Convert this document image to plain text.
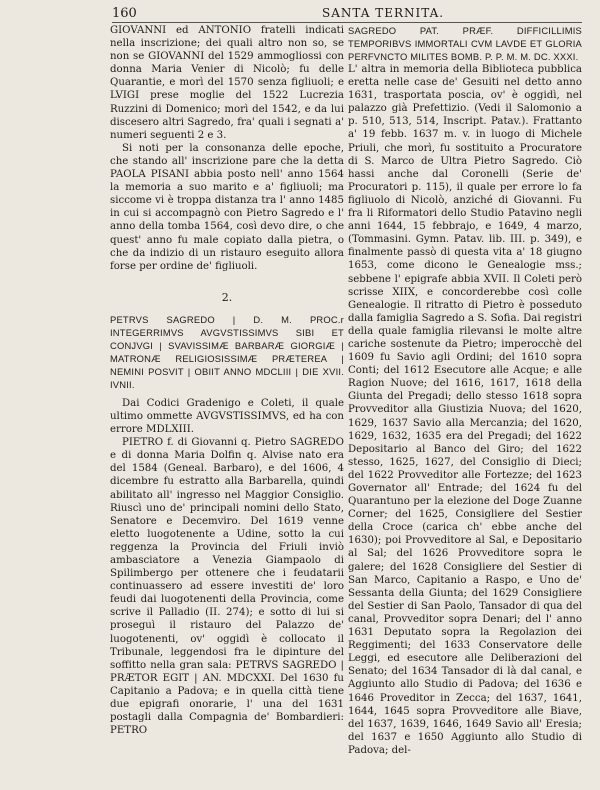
160	SANTA TERNITA.

GIOVANNI ed ANTONIO fratelli indicati nella inscrizione; dei quali altro non so, se non se GIOVANNI del 1529 ammogliossi con donna Maria Venier di Nicolò; fu delle Quarantie, e morì del 1570 senza figliuoli; e LVIGI prese moglie del 1522 Lucrezia Ruzzini di Domenico; morì del 1542, e da lui discesero altri Sagredo, fra' quali i segnati a' numeri seguenti 2 e 3.

Si noti per la consonanza delle epoche, che stando all' inscrizione pare che la detta PAOLA PISANI abbia posto nell' anno 1564 la memoria a suo marito e a' figliuoli; ma siccome vi è troppa distanza tra l' anno 1485 in cui si accompagnò con Pietro Sagredo e l' anno della tomba 1564, così devo dire, o che quest' anno fu male copiato dalla pietra, o che da indizio di un ristauro eseguito allora forse per ordine de' figliuoli.

2.

PETRVS SAGREDO | D. M. PROC.r INTEGERRIMVS AVGVSTISSIMVS SIBI ET CONJVGI | SVAVISSIMÆ BARBARÆ GIORGIÆ | MATRONÆ RELIGIOSISSIMÆ PRÆTEREA | NEMINI POSVIT | OBIIT ANNO MDCLIII | DIE XVII. IVNII.

Dai Codici Gradenigo e Coleti, il quale ultimo ommette AVGVSTISSIMVS, ed ha con errore MDLXIII.

PIETRO f. di Giovanni q. Pietro SAGREDO e di donna Maria Dolfin q. Alvise nato era del 1584 (Geneal. Barbaro), e del 1606, 4 dicembre fu estratto alla Barbarella, quindi abilitato all' ingresso nel Maggior Consiglio. Riuscì uno de' principali nomini dello Stato, Senatore e Decemviro. Del 1619 venne eletto luogotenente a Udine, sotto la cui reggenza la Provincia del Friuli inviò ambasciatore a Venezia Giampaolo di Spilimbergo per ottenere che i feudatarii continuassero ad essere investiti de' loro feudi dai luogotenenti della Provincia, come scrive il Palladio (II. 274); e sotto di lui si proseguì il ristauro del Palazzo de' luogotenenti, ov' oggidì è collocato il Tribunale, leggendosi fra le dipinture del soffitto nella gran sala: PETRVS SAGREDO | PRÆTOR EGIT | AN. MDCXXI. Del 1630 fu Capitanio a Padova; e in quella città tiene due epigrafi onorarie, l' una del 1631 postagli dalla Compagnia de' Bombardieri: PETRO

SAGREDO PAT. PRÆF. DIFFICILLIMIS TEMPORIBVS IMMORTALI CVM LAVDE ET GLORIA PERFVNCTO MILITES BOMB. P. P. M. M. DC. XXXI.

L' altra in memoria della Biblioteca pubblica eretta nelle case de' Gesuiti nel detto anno 1631, trasportata poscia, ov' è oggidì, nel palazzo già Prefettizio. (Vedi il Salomonio a p. 510, 513, 514, Inscript. Patav.). Frattanto a' 19 febb. 1637 m. v. in luogo di Michele Priuli, che morì, fu sostituito a Procuratore di S. Marco de Ultra Pietro Sagredo. Ciò hassi anche dal Coronelli (Serie de' Procuratori p. 115), il quale per errore lo fa figliuolo di Nicolò, anziché di Giovanni. Fu fra li Riformatori dello Studio Patavino negli anni 1644, 15 febbrajo, e 1649, 4 marzo, (Tommasini. Gymn. Patav. lib. III. p. 349), e finalmente passò di questa vita a' 18 giugno 1653, come dicono le Genealogie mss.; sebbene l' epigrafe abbia XVII. Il Coleti però scrisse XIIX, e concorderebbe così colle Genealogie. Il ritratto di Pietro è posseduto dalla famiglia Sagredo a S. Sofia. Dai registri della quale famiglia rilevansi le molte altre cariche sostenute da Pietro; imperocchè del 1609 fu Savio agli Ordini; del 1610 sopra Conti; del 1612 Esecutore alle Acque; e alle Ragion Nuove; del 1616, 1617, 1618 della Giunta del Pregadi; dello stesso 1618 sopra Provveditor alla Giustizia Nuova; del 1620, 1629, 1637 Savio alla Mercanzia; del 1620, 1629, 1632, 1635 era del Pregadi; del 1622 Depositario al Banco del Giro; del 1622 stesso, 1625, 1627, del Consiglio di Dieci; del 1622 Provveditor alle Fortezze; del 1623 Governator all' Entrade; del 1624 fu del Quarantuno per la elezione del Doge Zuanne Corner; del 1625, Consigliere del Sestier della Croce (carica ch' ebbe anche del 1630); poi Provveditore al Sal, e Depositario al Sal; del 1626 Provveditore sopra le galere; del 1628 Consigliere del Sestier di San Marco, Capitanio a Raspo, e Uno de' Sessanta della Giunta; del 1629 Consigliere del Sestier di San Paolo, Tansador di qua del canal, Provveditor sopra Denari; del l' anno 1631 Deputato sopra la Regolazion dei Reggimenti; del 1633 Conservatore delle Leggi, ed esecutore alle Deliberazioni del Senato; del 1634 Tansador di là dal canal, e Aggiunto allo Studio di Padova; del 1636 e 1646 Proveditor in Zecca; del 1637, 1641, 1644, 1645 sopra Provveditore alle Biave, del 1637, 1639, 1646, 1649 Savio all' Eresia; del 1637 e 1650 Aggiunto allo Studio di Padova; del-
